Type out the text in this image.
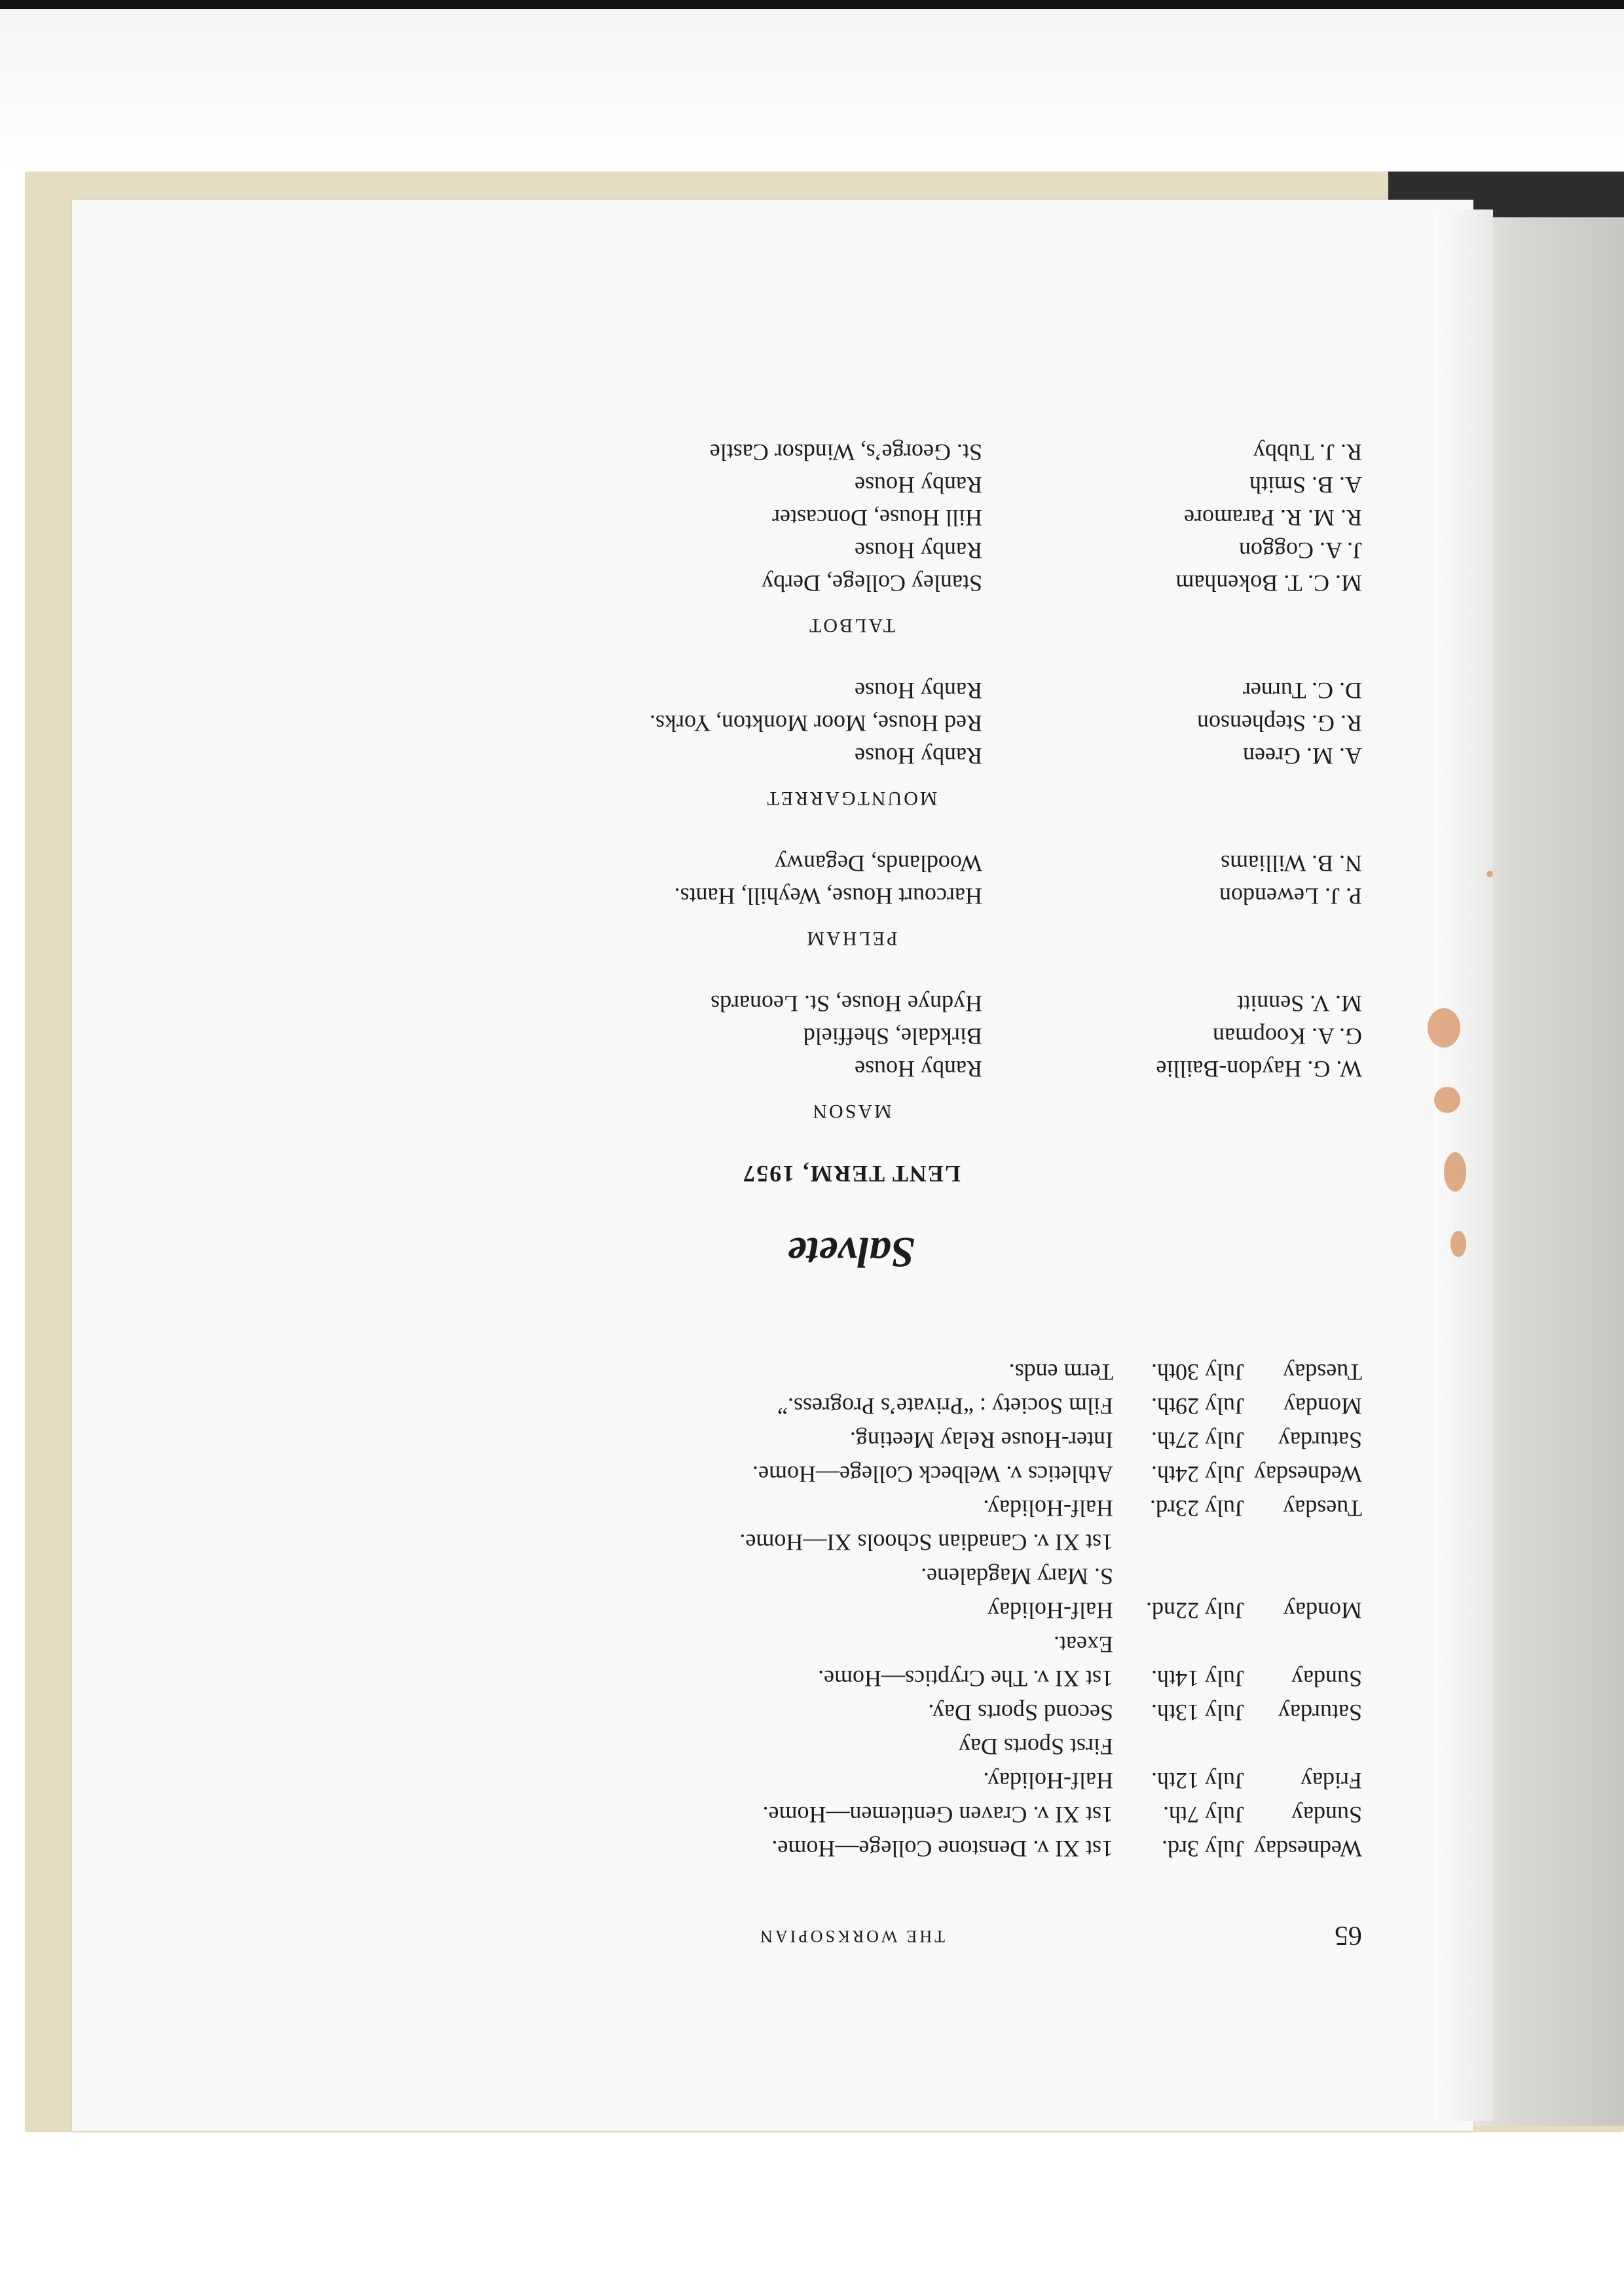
65
THE WORKSOPIAN
Wednesday
July 3rd.
1st XI v. Denstone College—Home.
Sunday
July 7th.
1st XI v. Craven Gentlemen—Home.
Friday
July 12th.
Half-Holiday.
First Sports Day
Saturday
July 13th.
Second Sports Day.
Sunday
July 14th.
1st XI v. The Cryptics—Home.
Exeat.
Monday
July 22nd.
Half-Holiday
S. Mary Magdalene.
1st XI v. Canadian Schools XI—Home.
Tuesday
July 23rd.
Half-Holiday.
Wednesday
July 24th.
Athletics v. Welbeck College—Home.
Saturday
July 27th.
Inter-House Relay Meeting.
Monday
July 29th.
Film Society : “Private’s Progress.”
Tuesday
July 30th.
Term ends.
Salvete
LENT TERM, 1957
MASON
W. G. Haydon-Baillie
Ranby House
G. A. Koopman
Birkdale, Sheffield
M. V. Sennitt
Hydnye House, St. Leonards
PELHAM
P. J. Lewendon
Harcourt House, Weyhill, Hants.
N. B. Williams
Woodlands, Deganwy
MOUNTGARRET
A. M. Green
Ranby House
R. G. Stephenson
Red House, Moor Monkton, Yorks.
D. C. Turner
Ranby House
TALBOT
M. C. T. Bokenham
Stanley College, Derby
J. A. Coggon
Ranby House
R. M. R. Paramore
Hill House, Doncaster
A. B. Smith
Ranby House
R. J. Tubby
St. George’s, Windsor Castle
